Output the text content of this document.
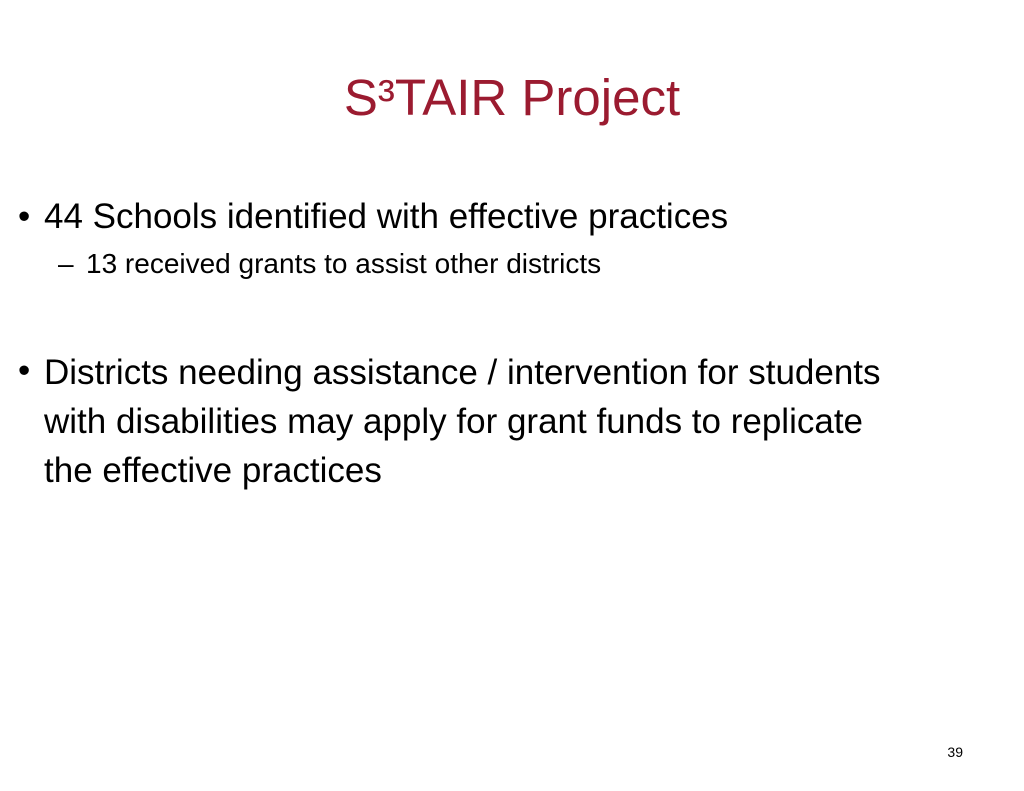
S³TAIR Project
• 44 Schools identified with effective practices
– 13 received grants to assist other districts
• Districts needing assistance / intervention for students with disabilities may apply for grant funds to replicate the effective practices
39
